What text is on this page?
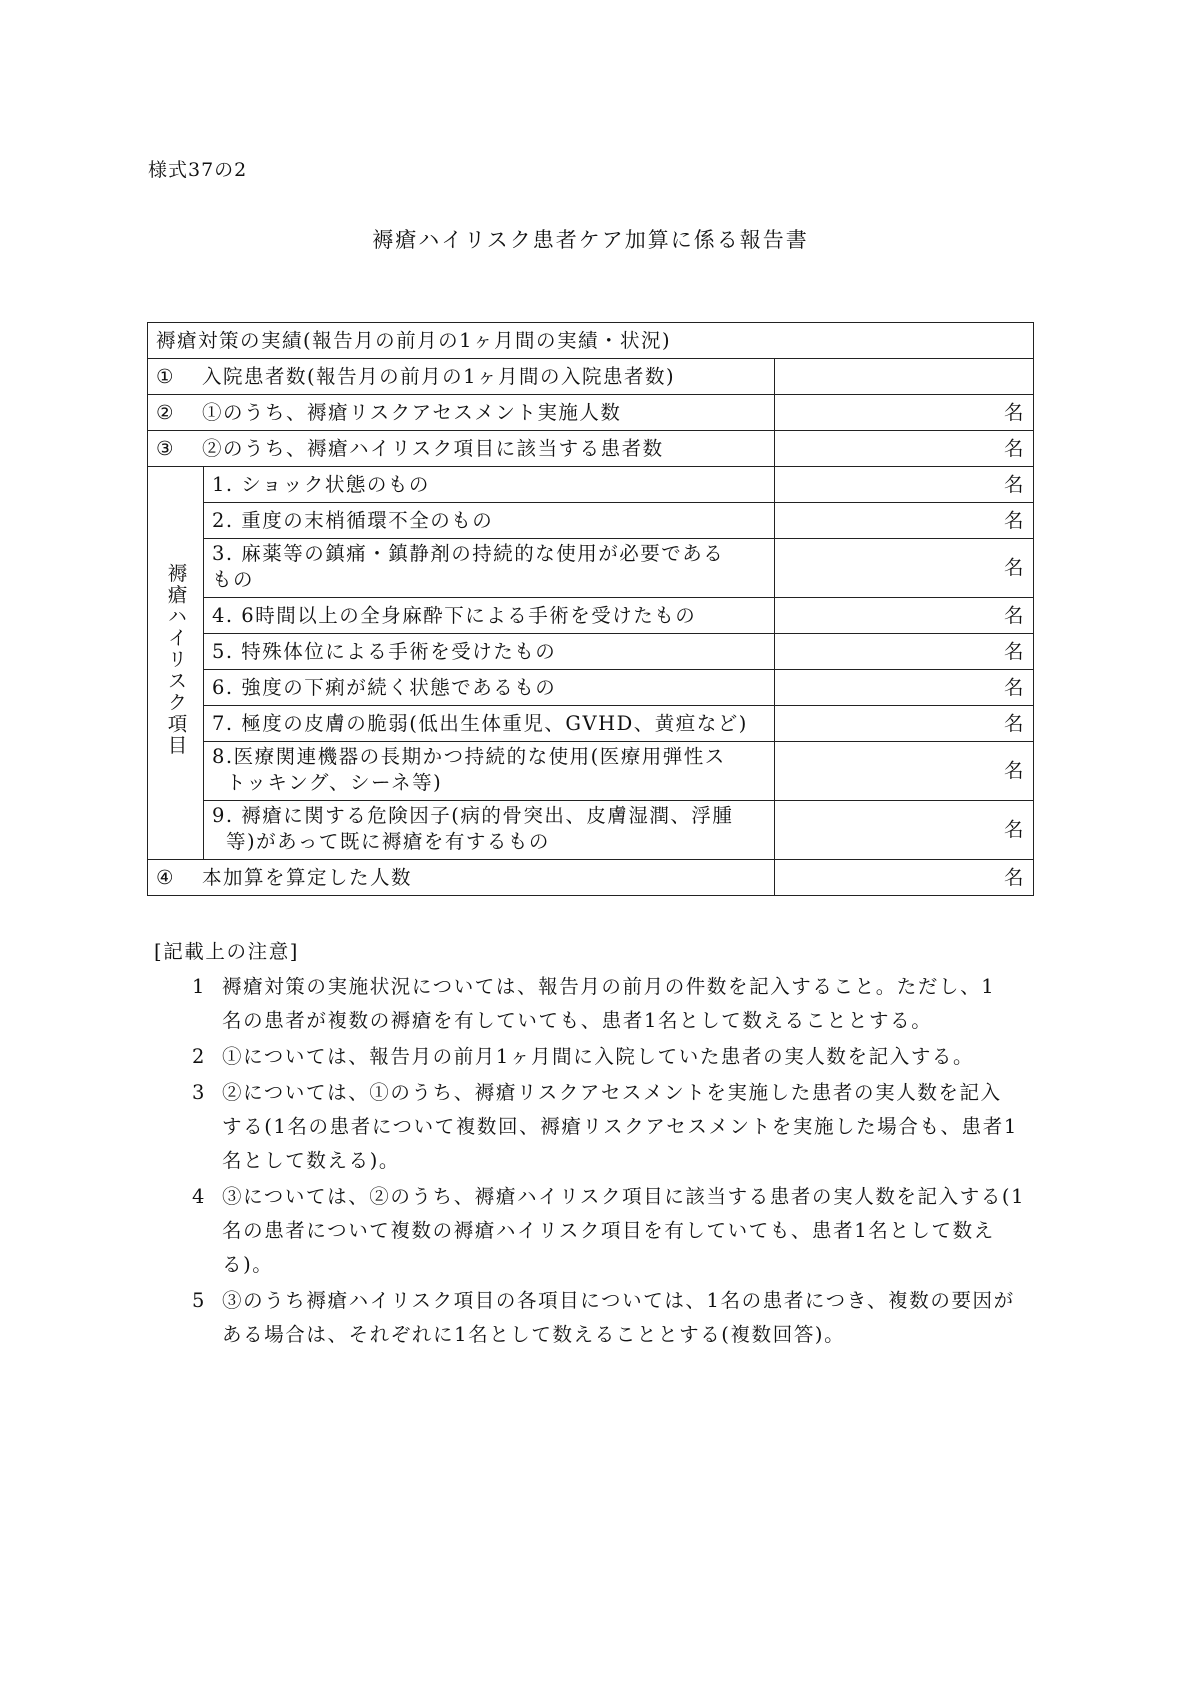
様式37の2
褥瘡ハイリスク患者ケア加算に係る報告書
褥瘡対策の実績(報告月の前月の1ヶ月間の実績・状況)		
① 入院患者数(報告月の前月の1ヶ月間の入院患者数)		
② ①のうち、褥瘡リスクアセスメント実施人数		名
③ ②のうち、褥瘡ハイリスク項目に該当する患者数		名
褥瘡ハイリスク項目	1. ショック状態のもの	名
	2. 重度の末梢循環不全のもの	名

	3. 麻薬等の鎮痛・鎮静剤の持続的な使用が必要である
もの	名
	4. 6時間以上の全身麻酔下による手術を受けたもの	名
	5. 特殊体位による手術を受けたもの	名
	6. 強度の下痢が続く状態であるもの	名
	7. 極度の皮膚の脆弱(低出生体重児、GVHD、黄疸など)	名

	8.医療関連機器の長期かつ持続的な使用(医療用弾性ス
トッキング、シーネ等)	名

	9. 褥瘡に関する危険因子(病的骨突出、皮膚湿潤、浮腫
等)があって既に褥瘡を有するもの	名
④ 本加算を算定した人数		名
[記載上の注意]
1 褥瘡対策の実施状況については、報告月の前月の件数を記入すること。ただし、1
名の患者が複数の褥瘡を有していても、患者1名として数えることとする。
2 ①については、報告月の前月1ヶ月間に入院していた患者の実人数を記入する。
3 ②については、①のうち、褥瘡リスクアセスメントを実施した患者の実人数を記入
する(1名の患者について複数回、褥瘡リスクアセスメントを実施した場合も、患者1
名として数える)。
4 ③については、②のうち、褥瘡ハイリスク項目に該当する患者の実人数を記入する(1
名の患者について複数の褥瘡ハイリスク項目を有していても、患者1名として数える)。
5 ③のうち褥瘡ハイリスク項目の各項目については、1名の患者につき、複数の要因が
ある場合は、それぞれに1名として数えることとする(複数回答)。
